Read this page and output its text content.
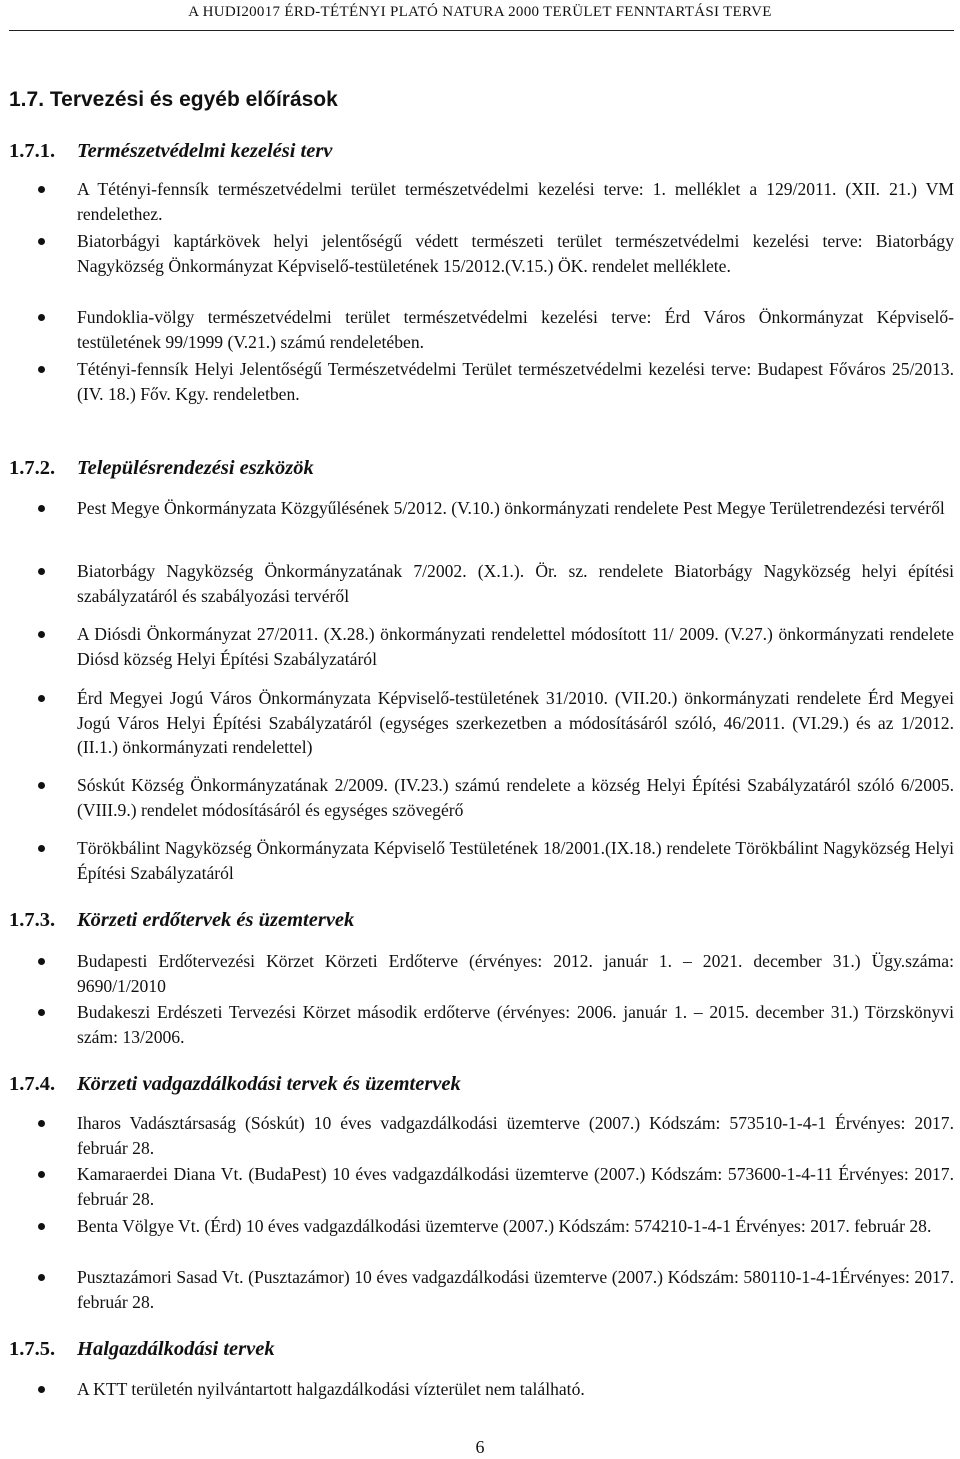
A HUDI20017 ÉRD-TÉTÉNYI PLATÓ NATURA 2000 TERÜLET FENNTARTÁSI TERVE
1.7. Tervezési és egyéb előírások
1.7.1. Természetvédelmi kezelési terv
A Tétényi-fennsík természetvédelmi terület természetvédelmi kezelési terve: 1. melléklet a 129/2011. (XII. 21.) VM rendelethez.
Biatorbágyi kaptárkövek helyi jelentőségű védett természeti terület természetvédelmi kezelési terve: Biatorbágy Nagyközség Önkormányzat Képviselő-testületének 15/2012.(V.15.) ÖK. rendelet melléklete.
Fundoklia-völgy természetvédelmi terület természetvédelmi kezelési terve: Érd Város Önkormányzat Képviselő-testületének 99/1999 (V.21.) számú rendeletében.
Tétényi-fennsík Helyi Jelentőségű Természetvédelmi Terület természetvédelmi kezelési terve: Budapest Főváros 25/2013. (IV. 18.) Főv. Kgy. rendeletben.
1.7.2. Településrendezési eszközök
Pest Megye Önkormányzata Közgyűlésének 5/2012. (V.10.) önkormányzati rendelete Pest Megye Területrendezési tervéről
Biatorbágy Nagyközség Önkormányzatának 7/2002. (X.1.). Ör. sz. rendelete Biatorbágy Nagyközség helyi építési szabályzatáról és szabályozási tervéről
A Diósdi Önkormányzat 27/2011. (X.28.) önkormányzati rendelettel módosított 11/ 2009. (V.27.) önkormányzati rendelete Diósd község Helyi Építési Szabályzatáról
Érd Megyei Jogú Város Önkormányzata Képviselő-testületének 31/2010. (VII.20.) önkormányzati rendelete Érd Megyei Jogú Város Helyi Építési Szabályzatáról (egységes szerkezetben a módosításáról szóló, 46/2011. (VI.29.) és az 1/2012. (II.1.) önkormányzati rendelettel)
Sóskút Község Önkormányzatának 2/2009. (IV.23.) számú rendelete a község Helyi Építési Szabályzatáról szóló 6/2005.(VIII.9.) rendelet módosításáról és egységes szövegérő
Törökbálint Nagyközség Önkormányzata Képviselő Testületének 18/2001.(IX.18.) rendelete Törökbálint Nagyközség Helyi Építési Szabályzatáról
1.7.3. Körzeti erdőtervek és üzemtervek
Budapesti Erdőtervezési Körzet Körzeti Erdőterve (érvényes: 2012. január 1. – 2021. december 31.) Ügy.száma: 9690/1/2010
Budakeszi Erdészeti Tervezési Körzet második erdőterve (érvényes: 2006. január 1. – 2015. december 31.) Törzskönyvi szám: 13/2006.
1.7.4. Körzeti vadgazdálkodási tervek és üzemtervek
Iharos Vadásztársaság (Sóskút) 10 éves vadgazdálkodási üzemterve (2007.) Kódszám: 573510-1-4-1 Érvényes: 2017. február 28.
Kamaraerdei Diana Vt. (BudaPest) 10 éves vadgazdálkodási üzemterve (2007.) Kódszám: 573600-1-4-11 Érvényes: 2017. február 28.
Benta Völgye Vt. (Érd) 10 éves vadgazdálkodási üzemterve (2007.) Kódszám: 574210-1-4-1 Érvényes: 2017. február 28.
Pusztazámori Sasad Vt. (Pusztazámor) 10 éves vadgazdálkodási üzemterve (2007.) Kódszám: 580110-1-4-1Érvényes: 2017. február 28.
1.7.5. Halgazdálkodási tervek
A KTT területén nyilvántartott halgazdálkodási vízterület nem található.
6
